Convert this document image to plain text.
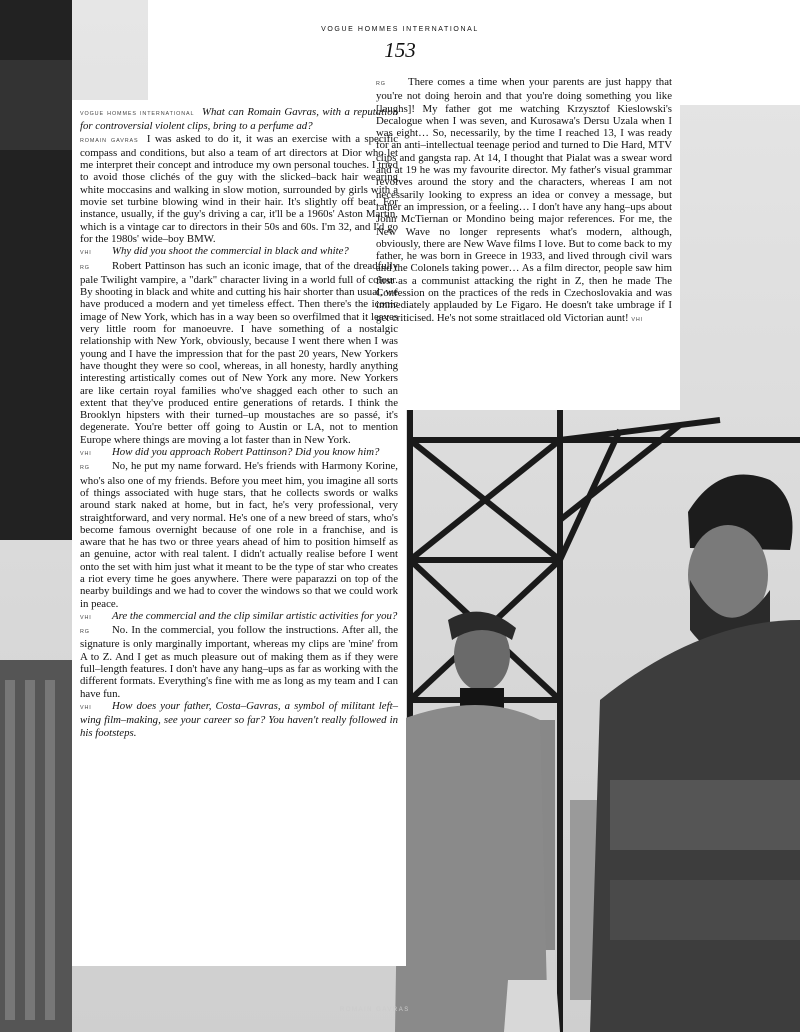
VOGUE HOMMES INTERNATIONAL
153

VOGUE HOMMES INTERNATIONAL What can Romain Gavras, with a reputation for controversial violent clips, bring to a perfume ad?

ROMAIN GAVRAS I was asked to do it, it was an exercise with a specific compass and conditions, but also a team of art directors at Dior who let me interpret their concept and introduce my own personal touches. I tried to avoid those clichés of the guy with the slicked–back hair wearing white moccasins and walking in slow motion, surrounded by girls with a movie set turbine blowing wind in their hair. It's slightly off beat. For instance, usually, if the guy's driving a car, it'll be a 1960s' Aston Martin, which is a vintage car to directors in their 50s and 60s. I'm 32, and I'd go for the 1980s' wide–boy BMW.

VHI Why did you shoot the commercial in black and white?

RG Robert Pattinson has such an iconic image, that of the dreadfully pale Twilight vampire, a "dark" character living in a world full of colour. By shooting in black and white and cutting his hair shorter than usual, we have produced a modern and yet timeless effect. Then there's the iconic image of New York, which has in a way been so overfilmed that it leaves very little room for manoeuvre. I have something of a nostalgic relationship with New York, obviously, because I went there when I was young and I have the impression that for the past 20 years, New Yorkers have thought they were so cool, whereas, in all honesty, hardly anything interesting artistically comes out of New York any more. New Yorkers are like certain royal families who've shagged each other to such an extent that they've produced entire generations of retards. I think the Brooklyn hipsters with their turned–up moustaches are so passé, it's degenerate. You're better off going to Austin or LA, not to mention Europe where things are moving a lot faster than in New York.

VHI How did you approach Robert Pattinson? Did you know him?

RG No, he put my name forward. He's friends with Harmony Korine, who's also one of my friends. Before you meet him, you imagine all sorts of things associated with huge stars, that he collects swords or walks around stark naked at home, but in fact, he's very professional, very straightforward, and very normal. He's one of a new breed of stars, who's become famous overnight because of one role in a franchise, and is aware that he has two or three years ahead of him to position himself as an genuine, actor with real talent. I didn't actually realise before I went onto the set with him just what it meant to be the type of star who creates a riot every time he goes anywhere. There were paparazzi on top of the nearby buildings and we had to cover the windows so that we could work in peace.

VHI Are the commercial and the clip similar artistic activities for you?

RG No. In the commercial, you follow the instructions. After all, the signature is only marginally important, whereas my clips are 'mine' from A to Z. And I get as much pleasure out of making them as if they were full–length features. I don't have any hang–ups as far as working with the different formats. Everything's fine with me as long as my team and I can have fun.

VHI How does your father, Costa–Gavras, a symbol of militant left–wing film–making, see your career so far? You haven't really followed in his footsteps.

RG There comes a time when your parents are just happy that you're not doing heroin and that you're doing something you like [laughs]! My father got me watching Krzysztof Kieslowski's Decalogue when I was seven, and Kurosawa's Dersu Uzala when I was eight… So, necessarily, by the time I reached 13, I was ready for an anti–intellectual teenage period and turned to Die Hard, MTV clips and gangsta rap. At 14, I thought that Pialat was a swear word and at 19 he was my favourite director. My father's visual grammar revolves around the story and the characters, whereas I am not necessarily looking to express an idea or convey a message, but rather an impression, or a feeling… I don't have any hang–ups about John McTiernan or Mondino being major references. For me, the New Wave no longer represents what's modern, although, obviously, there are New Wave films I love. But to come back to my father, he was born in Greece in 1933, and lived through civil wars and the Colonels taking power… As a film director, people saw him first as a communist attacking the right in Z, then he made The Confession on the practices of the reds in Czechoslovakia and was immediately applauded by Le Figaro. He doesn't take umbrage if I get criticised. He's not some straitlaced old Victorian aunt! VHI

ROMAIN GAVRAS
